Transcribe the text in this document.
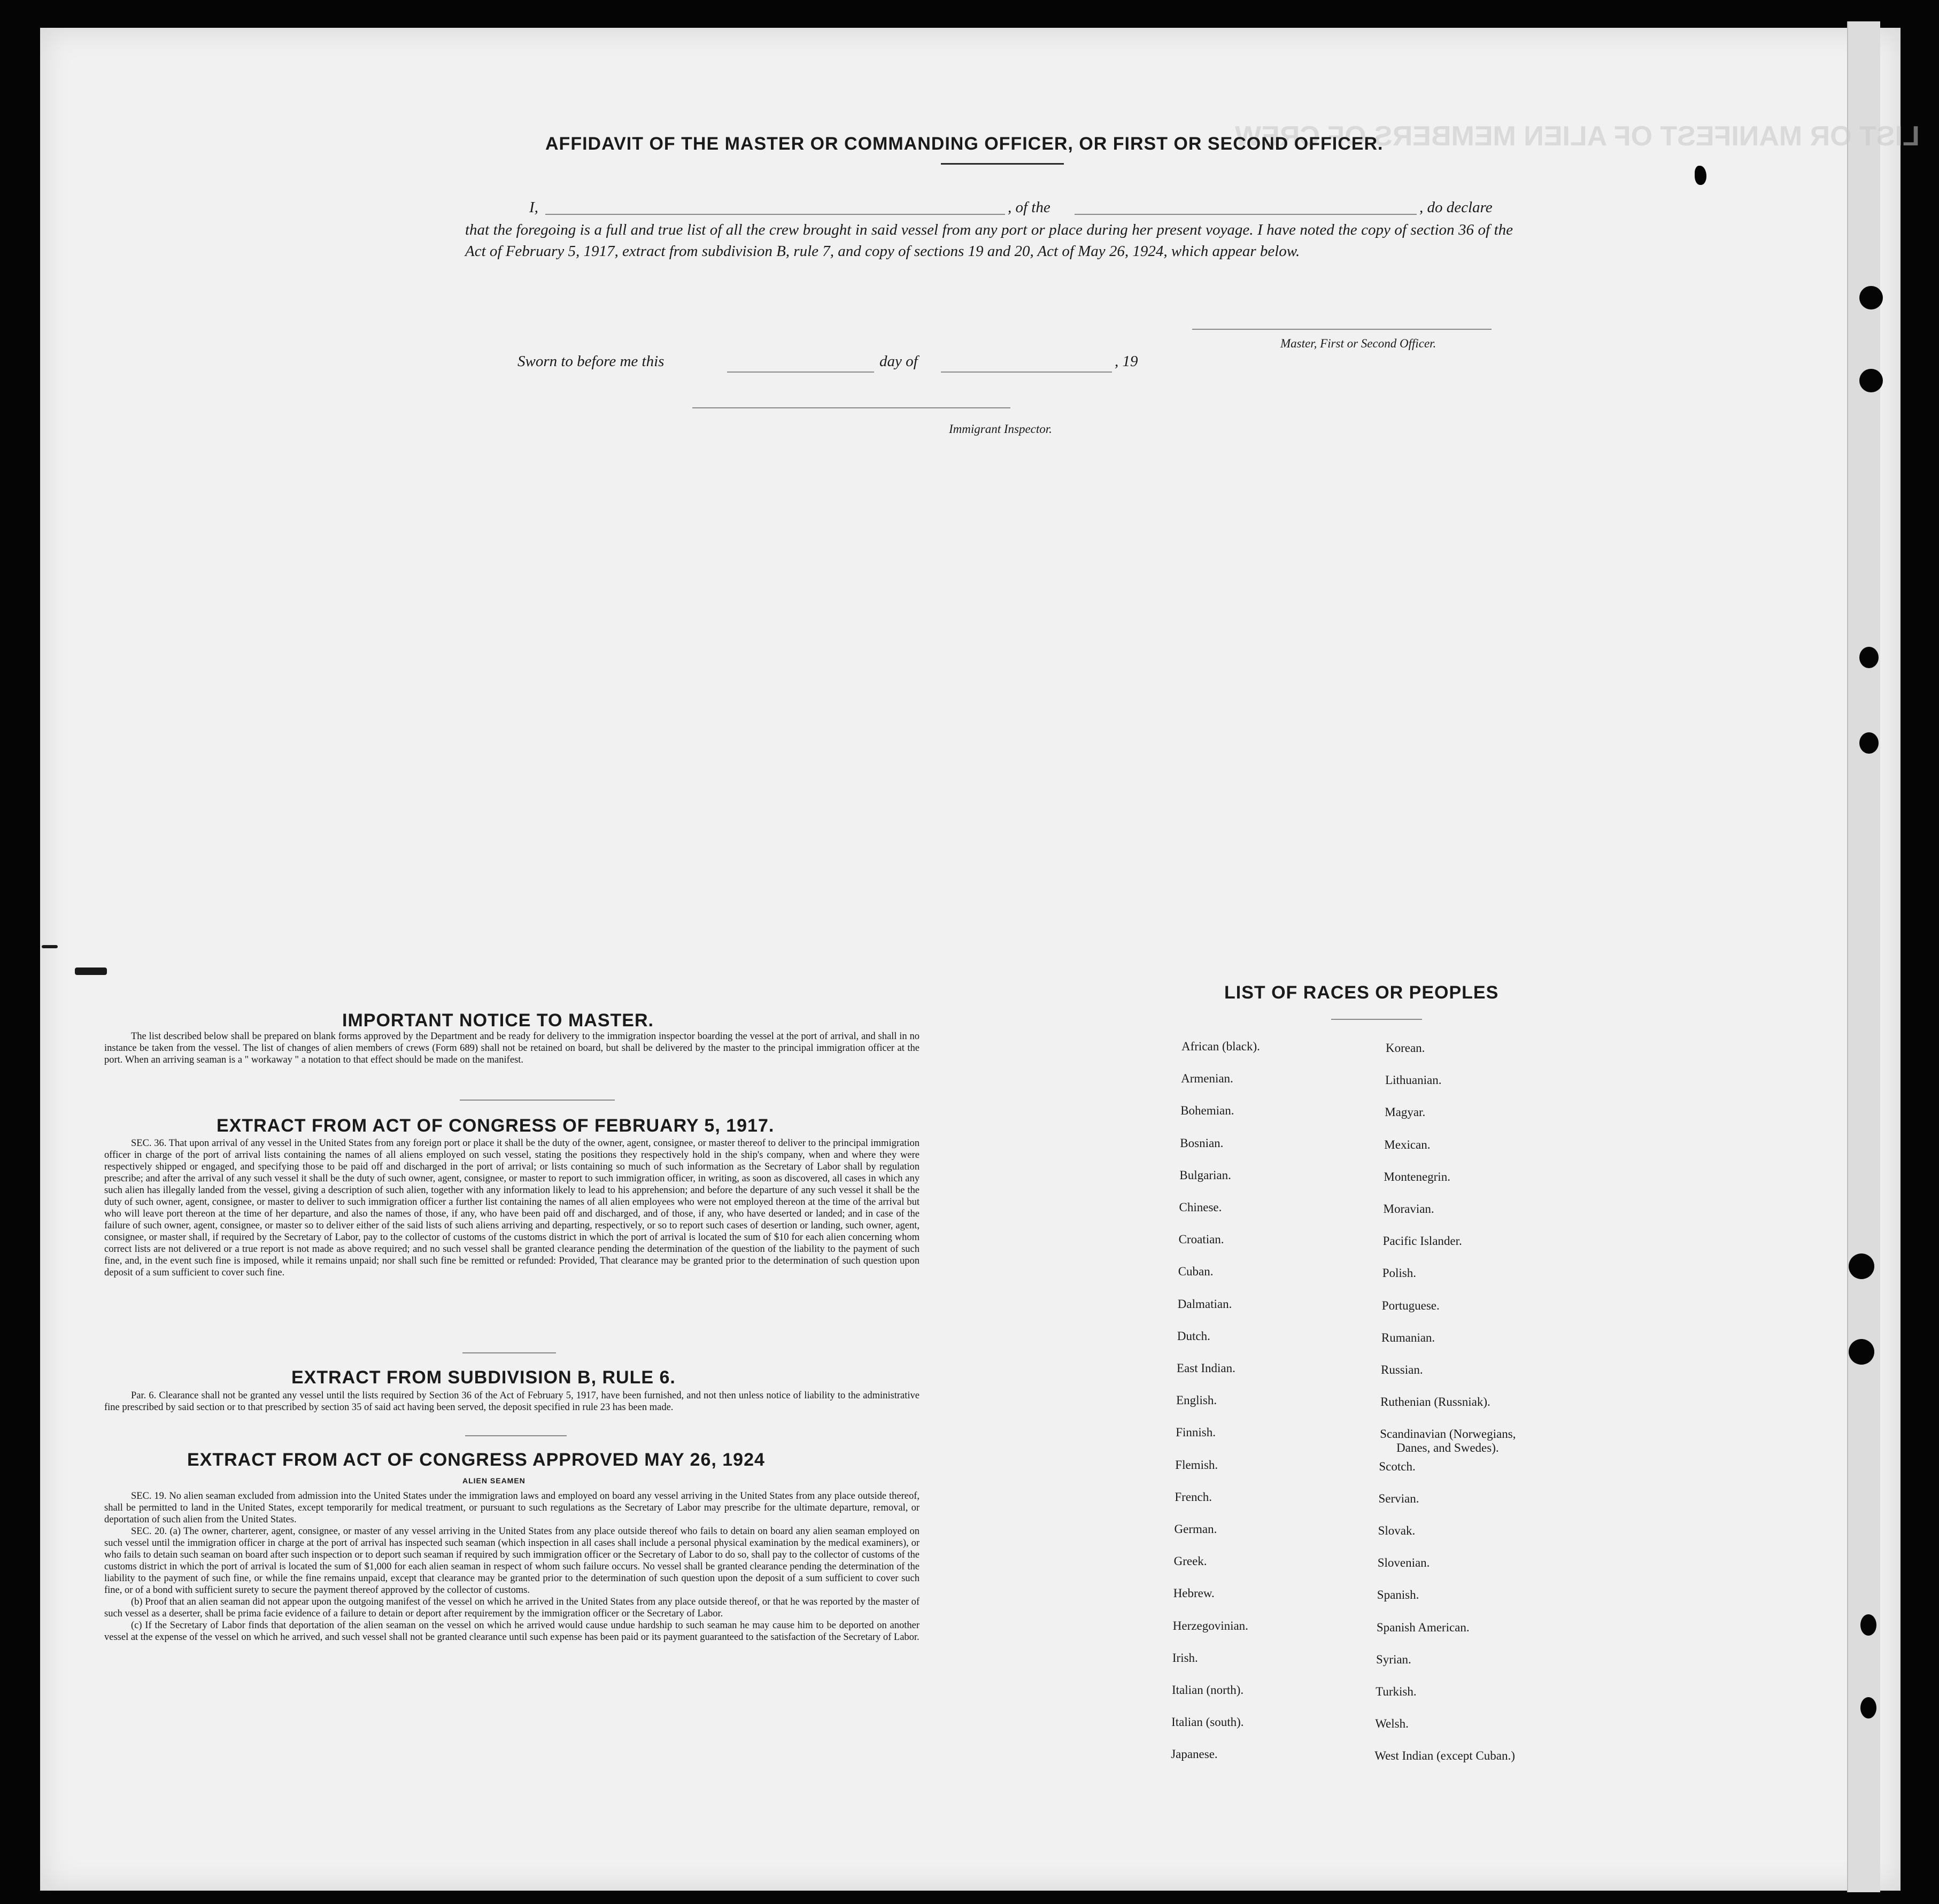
LIST OR MANIFEST OF ALIEN MEMBERS OF CREW
AFFIDAVIT OF THE MASTER OR COMMANDING OFFICER, OR FIRST OR SECOND OFFICER.
I,	, of the	, do declare
that the foregoing is a full and true list of all the crew brought in said vessel from any port or place during her present voyage. I have noted the copy of section 36 of the Act of February 5, 1917, extract from subdivision B, rule 7, and copy of sections 19 and 20, Act of May 26, 1924, which appear below.
Master, First or Second Officer.
Sworn to before me this	day of	, 19
Immigrant Inspector.
IMPORTANT NOTICE TO MASTER.

The list described below shall be prepared on blank forms approved by the Department and be ready for delivery to the immigration inspector boarding the vessel at the port of arrival, and shall in no instance be taken from the vessel. The list of changes of alien members of crews (Form 689) shall not be retained on board, but shall be delivered by the master to the principal immigration officer at the port. When an arriving seaman is a " workaway " a notation to that effect should be made on the manifest.

EXTRACT FROM ACT OF CONGRESS OF FEBRUARY 5, 1917.

SEC. 36. That upon arrival of any vessel in the United States from any foreign port or place it shall be the duty of the owner, agent, consignee, or master thereof to deliver to the principal immigration officer in charge of the port of arrival lists containing the names of all aliens employed on such vessel, stating the positions they respectively hold in the ship's company, when and where they were respectively shipped or engaged, and specifying those to be paid off and discharged in the port of arrival; or lists containing so much of such information as the Secretary of Labor shall by regulation prescribe; and after the arrival of any such vessel it shall be the duty of such owner, agent, consignee, or master to report to such immigration officer, in writing, as soon as discovered, all cases in which any such alien has illegally landed from the vessel, giving a description of such alien, together with any information likely to lead to his apprehension; and before the departure of any such vessel it shall be the duty of such owner, agent, consignee, or master to deliver to such immigration officer a further list containing the names of all alien employees who were not employed thereon at the time of the arrival but who will leave port thereon at the time of her departure, and also the names of those, if any, who have been paid off and discharged, and of those, if any, who have deserted or landed; and in case of the failure of such owner, agent, consignee, or master so to deliver either of the said lists of such aliens arriving and departing, respectively, or so to report such cases of desertion or landing, such owner, agent, consignee, or master shall, if required by the Secretary of Labor, pay to the collector of customs of the customs district in which the port of arrival is located the sum of $10 for each alien concerning whom correct lists are not delivered or a true report is not made as above required; and no such vessel shall be granted clearance pending the determination of the question of the liability to the payment of such fine, and, in the event such fine is imposed, while it remains unpaid; nor shall such fine be remitted or refunded: Provided, That clearance may be granted prior to the determination of such question upon deposit of a sum sufficient to cover such fine.

EXTRACT FROM SUBDIVISION B, RULE 6.

Par. 6. Clearance shall not be granted any vessel until the lists required by Section 36 of the Act of February 5, 1917, have been furnished, and not then unless notice of liability to the administrative fine prescribed by said section or to that prescribed by section 35 of said act having been served, the deposit specified in rule 23 has been made.

EXTRACT FROM ACT OF CONGRESS APPROVED MAY 26, 1924
ALIEN SEAMEN

SEC. 19. No alien seaman excluded from admission into the United States under the immigration laws and employed on board any vessel arriving in the United States from any place outside thereof, shall be permitted to land in the United States, except temporarily for medical treatment, or pursuant to such regulations as the Secretary of Labor may prescribe for the ultimate departure, removal, or deportation of such alien from the United States.

SEC. 20. (a) The owner, charterer, agent, consignee, or master of any vessel arriving in the United States from any place outside thereof who fails to detain on board any alien seaman employed on such vessel until the immigration officer in charge at the port of arrival has inspected such seaman (which inspection in all cases shall include a personal physical examination by the medical examiners), or who fails to detain such seaman on board after such inspection or to deport such seaman if required by such immigration officer or the Secretary of Labor to do so, shall pay to the collector of customs of the customs district in which the port of arrival is located the sum of $1,000 for each alien seaman in respect of whom such failure occurs. No vessel shall be granted clearance pending the determination of the liability to the payment of such fine, or while the fine remains unpaid, except that clearance may be granted prior to the determination of such question upon the deposit of a sum sufficient to cover such fine, or of a bond with sufficient surety to secure the payment thereof approved by the collector of customs.

(b) Proof that an alien seaman did not appear upon the outgoing manifest of the vessel on which he arrived in the United States from any place outside thereof, or that he was reported by the master of such vessel as a deserter, shall be prima facie evidence of a failure to detain or deport after requirement by the immigration officer or the Secretary of Labor.

(c) If the Secretary of Labor finds that deportation of the alien seaman on the vessel on which he arrived would cause undue hardship to such seaman he may cause him to be deported on another vessel at the expense of the vessel on which he arrived, and such vessel shall not be granted clearance until such expense has been paid or its payment guaranteed to the satisfaction of the Secretary of Labor.

LIST OF RACES OR PEOPLES
African (black).
Armenian.
Bohemian.
Bosnian.
Bulgarian.
Chinese.
Croatian.
Cuban.
Dalmatian.
Dutch.
East Indian.
English.
Finnish.
Flemish.
French.
German.
Greek.
Hebrew.
Herzegovinian.
Irish.
Italian (north).
Italian (south).
Japanese.
Korean.
Lithuanian.
Magyar.
Mexican.
Montenegrin.
Moravian.
Pacific Islander.
Polish.
Portuguese.
Rumanian.
Russian.
Ruthenian (Russniak).
Scandinavian (Norwegians,
Danes, and Swedes).
Scotch.
Servian.
Slovak.
Slovenian.
Spanish.
Spanish American.
Syrian.
Turkish.
Welsh.
West Indian (except Cuban.)
